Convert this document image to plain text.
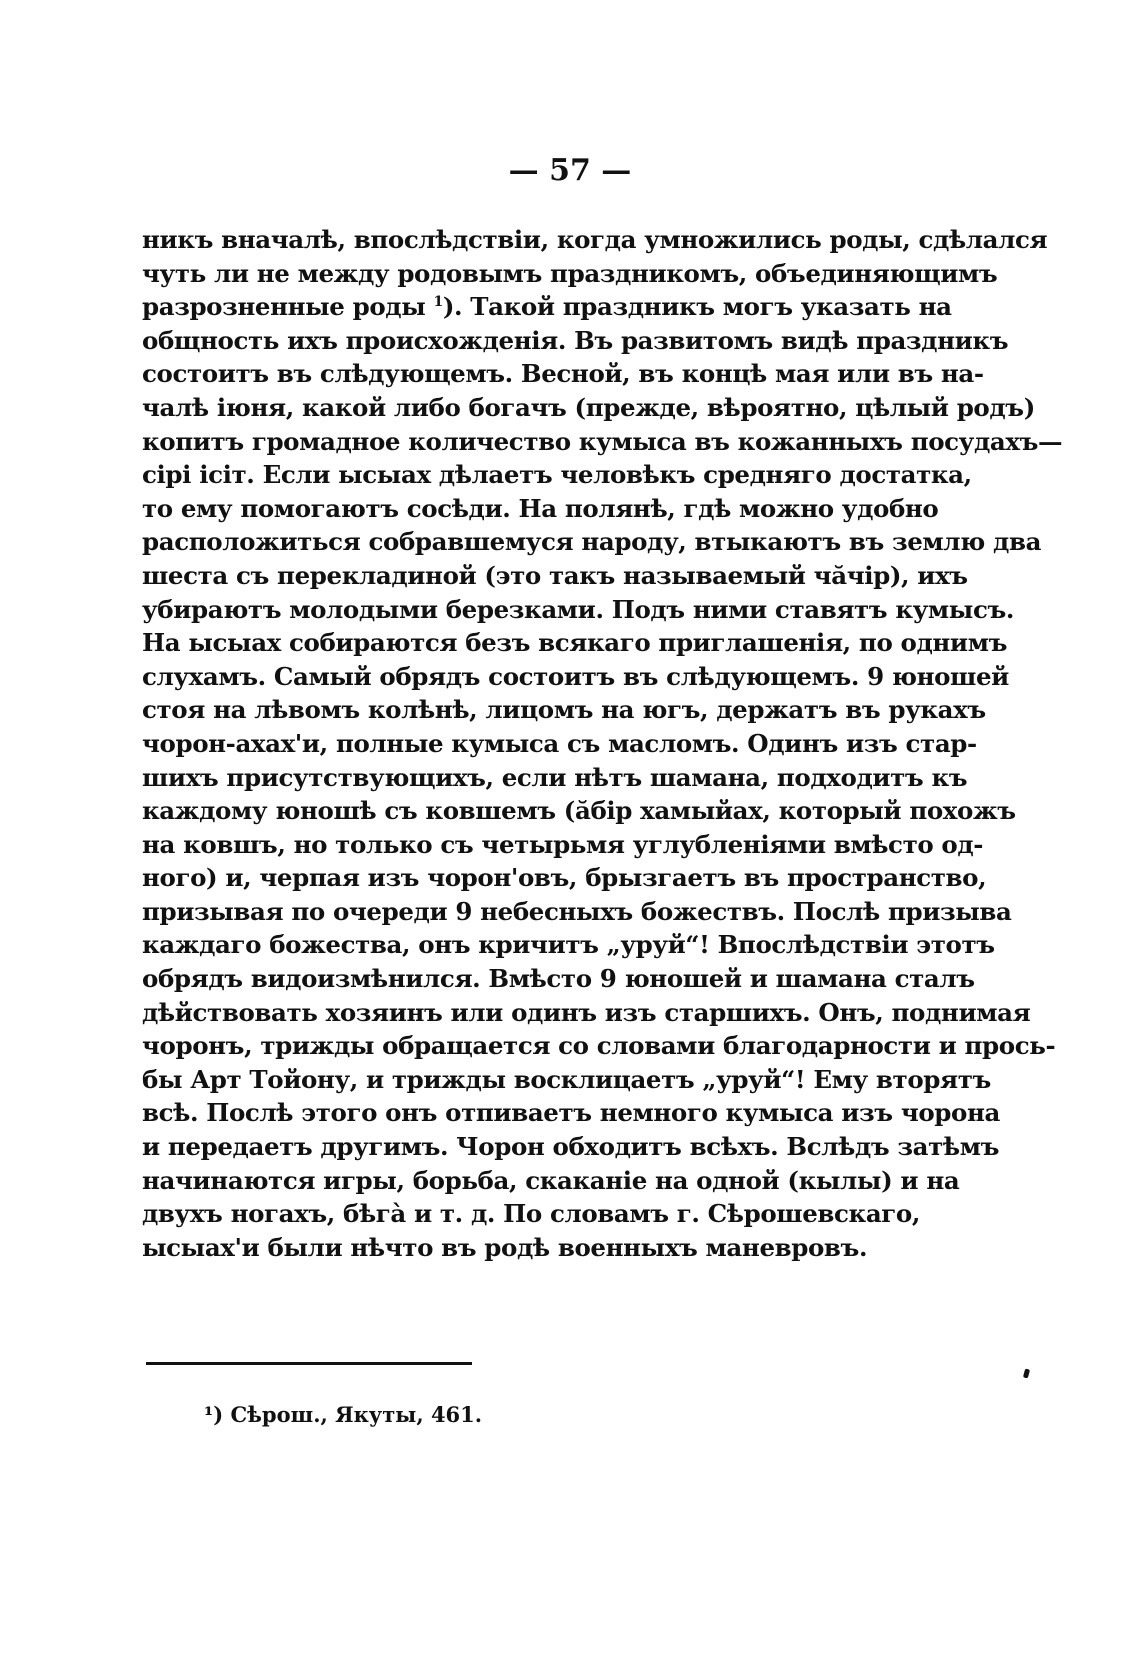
— 57 —
никъ вначалѣ, впослѣдствіи, когда умножились роды, сдѣлался
чуть ли не между родовымъ праздникомъ, объединяющимъ
разрозненные роды $^1$). Такой праздникъ могъ указать на
общность ихъ происхожденія. Въ развитомъ видѣ праздникъ
состоитъ въ слѣдующемъ. Весной, въ концѣ мая или въ на-
чалѣ іюня, какой либо богачъ (прежде, вѣроятно, цѣлый родъ)
копитъ громадное количество кумыса въ кожанныхъ посудахъ—
сірі ісіт. Если ысыах дѣлаетъ человѣкъ средняго достатка,
то ему помогаютъ сосѣди. На полянѣ, гдѣ можно удобно
расположиться собравшемуся народу, втыкаютъ въ землю два
шеста съ перекладиной (это такъ называемый чӑчір), ихъ
убираютъ молодыми березками. Подъ ними ставятъ кумысъ.
На ысыах собираются безъ всякаго приглашенія, по однимъ
слухамъ. Самый обрядъ состоитъ въ слѣдующемъ. 9 юношей
стоя на лѣвомъ колѣнѣ, лицомъ на югъ, держатъ въ рукахъ
чорон-ахах'и, полные кумыса съ масломъ. Одинъ изъ стар-
шихъ присутствующихъ, если нѣтъ шамана, подходитъ къ
каждому юношѣ съ ковшемъ (ӑбір хамыйах, который похожъ
на ковшъ, но только съ четырьмя углубленіями вмѣсто од-
ного) и, черпая изъ чорон'овъ, брызгаетъ въ пространство,
призывая по очереди 9 небесныхъ божествъ. Послѣ призыва
каждаго божества, онъ кричитъ „уруй“! Впослѣдствіи этотъ
обрядъ видоизмѣнился. Вмѣсто 9 юношей и шамана сталъ
дѣйствовать хозяинъ или одинъ изъ старшихъ. Онъ, поднимая
чоронъ, трижды обращается со словами благодарности и прось-
бы Арт Тойону, и трижды восклицаетъ „уруй“! Ему вторятъ
всѣ. Послѣ этого онъ отпиваетъ немного кумыса изъ чорона
и передаетъ другимъ. Чорон обходитъ всѣхъ. Вслѣдъ затѣмъ
начинаются игры, борьба, скаканіе на одной (кылы) и на
двухъ ногахъ, бѣга̀ и т. д. По словамъ г. Сѣрошевскаго,
ысыах'и были нѣчто въ родѣ военныхъ маневровъ.
¹) Сѣрош., Якуты, 461.
